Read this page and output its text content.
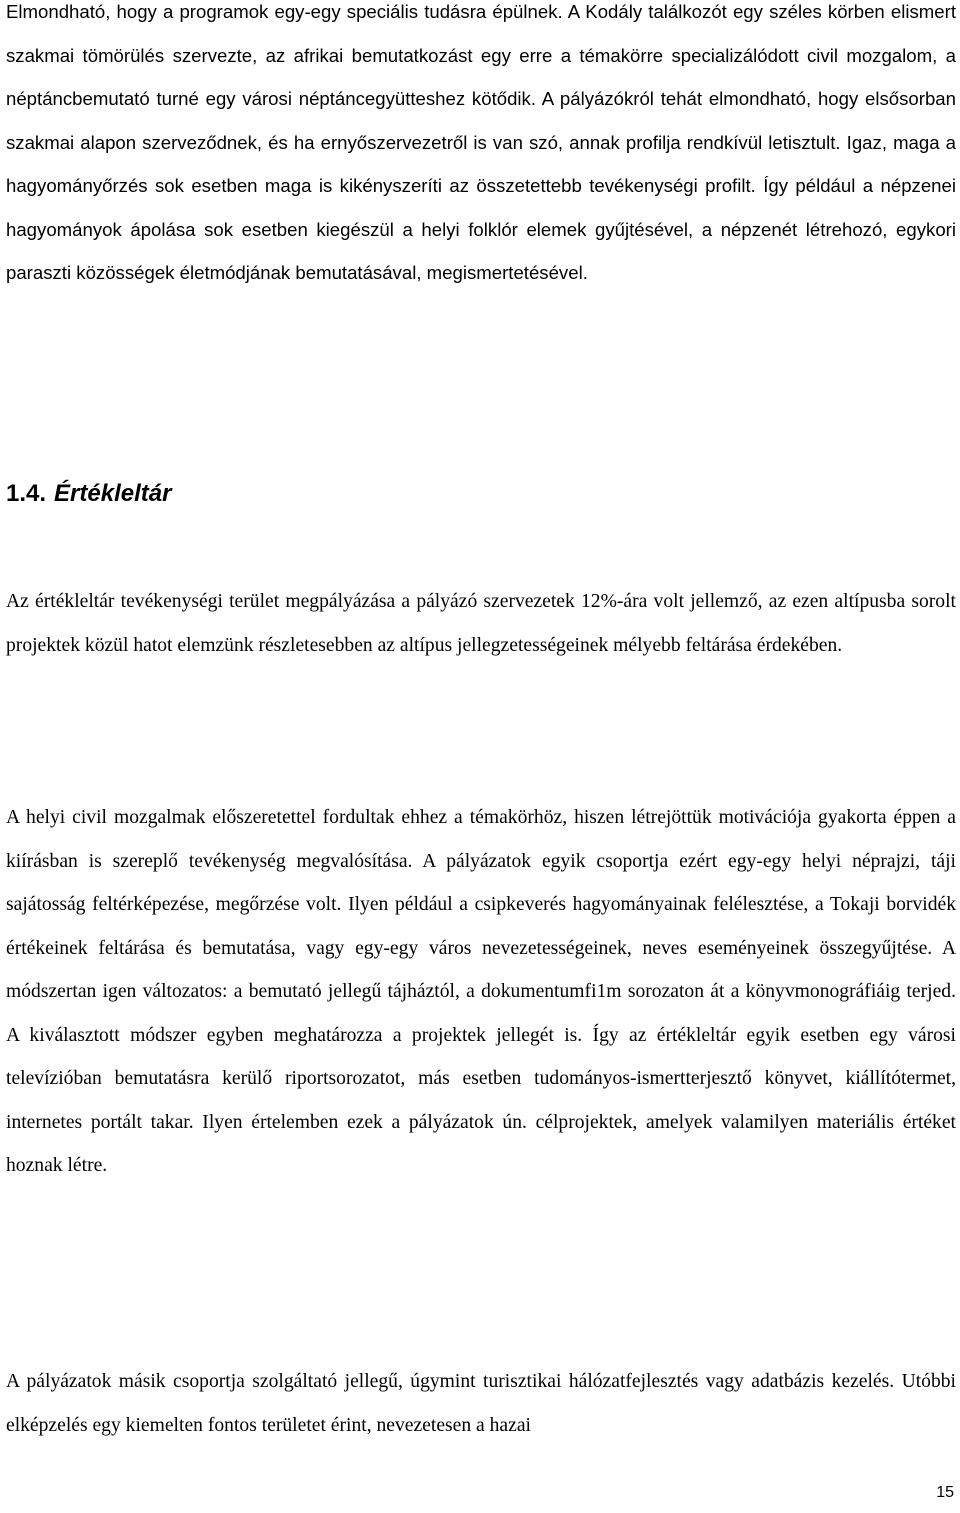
Elmondható, hogy a programok egy-egy speciális tudásra épülnek. A Kodály találkozót egy széles körben elismert szakmai tömörülés szervezte, az afrikai bemutatkozást egy erre a témakörre specializálódott civil mozgalom, a néptáncbemutató turné egy városi néptáncegyütteshez kötődik. A pályázókról tehát elmondható, hogy elsősorban szakmai alapon szerveződnek, és ha ernyőszervezetről is van szó, annak profilja rendkívül letisztult. Igaz, maga a hagyományőrzés sok esetben maga is kikényszeríti az összetettebb tevékenységi profilt. Így például a népzenei hagyományok ápolása sok esetben kiegészül a helyi folklór elemek gyűjtésével, a népzenét létrehozó, egykori paraszti közösségek életmódjának bemutatásával, megismertetésével.

1.4. Értékleltár

Az értékleltár tevékenységi terület megpályázása a pályázó szervezetek 12%-ára volt jellemző, az ezen altípusba sorolt projektek közül hatot elemzünk részletesebben az altípus jellegzetességeinek mélyebb feltárása érdekében.

A helyi civil mozgalmak előszeretettel fordultak ehhez a témakörhöz, hiszen létrejöttük motivációja gyakorta éppen a kiírásban is szereplő tevékenység megvalósítása. A pályázatok egyik csoportja ezért egy-egy helyi néprajzi, táji sajátosság feltérképezése, megőrzése volt. Ilyen például a csipkeverés hagyományainak felélesztése, a Tokaji borvidék értékeinek feltárása és bemutatása, vagy egy-egy város nevezetességeinek, neves eseményeinek összegyűjtése. A módszertan igen változatos: a bemutató jellegű tájháztól, a dokumentumfi1m sorozaton át a könyvmonográfiáig terjed. A kiválasztott módszer egyben meghatározza a projektek jellegét is. Így az értékleltár egyik esetben egy városi televízióban bemutatásra kerülő riportsorozatot, más esetben tudományos-ismertterjesztő könyvet, kiállítótermet, internetes portált takar. Ilyen értelemben ezek a pályázatok ún. célprojektek, amelyek valamilyen materiális értéket hoznak létre.

A pályázatok másik csoportja szolgáltató jellegű, úgymint turisztikai hálózatfejlesztés vagy adatbázis kezelés. Utóbbi elképzelés egy kiemelten fontos területet érint, nevezetesen a hazai

15
